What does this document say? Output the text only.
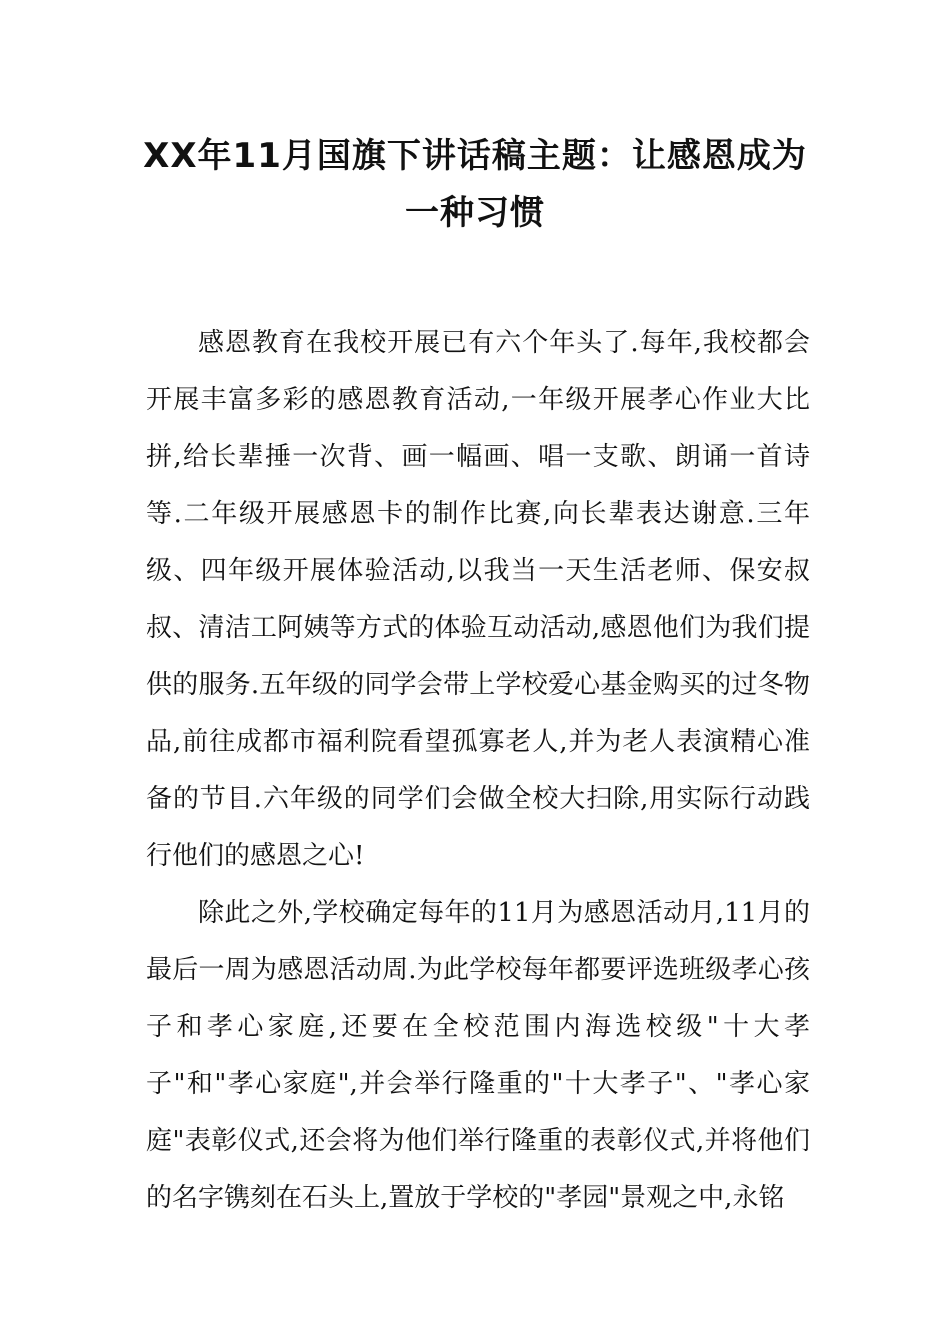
XX年11月国旗下讲话稿主题：让感恩成为
一种习惯

感恩教育在我校开展已有六个年头了.每年,我校都会开展丰富多彩的感恩教育活动,一年级开展孝心作业大比拼,给长辈捶一次背、画一幅画、唱一支歌、朗诵一首诗等.二年级开展感恩卡的制作比赛,向长辈表达谢意.三年级、四年级开展体验活动,以我当一天生活老师、保安叔叔、清洁工阿姨等方式的体验互动活动,感恩他们为我们提供的服务.五年级的同学会带上学校爱心基金购买的过冬物品,前往成都市福利院看望孤寡老人,并为老人表演精心准备的节目.六年级的同学们会做全校大扫除,用实际行动践行他们的感恩之心!

除此之外,学校确定每年的11月为感恩活动月,11月的最后一周为感恩活动周.为此学校每年都要评选班级孝心孩子和孝心家庭,还要在全校范围内海选校级"十大孝子"和"孝心家庭",并会举行隆重的"十大孝子"、"孝心家庭"表彰仪式,还会将为他们举行隆重的表彰仪式,并将他们的名字镌刻在石头上,置放于学校的"孝园"景观之中,永铭
